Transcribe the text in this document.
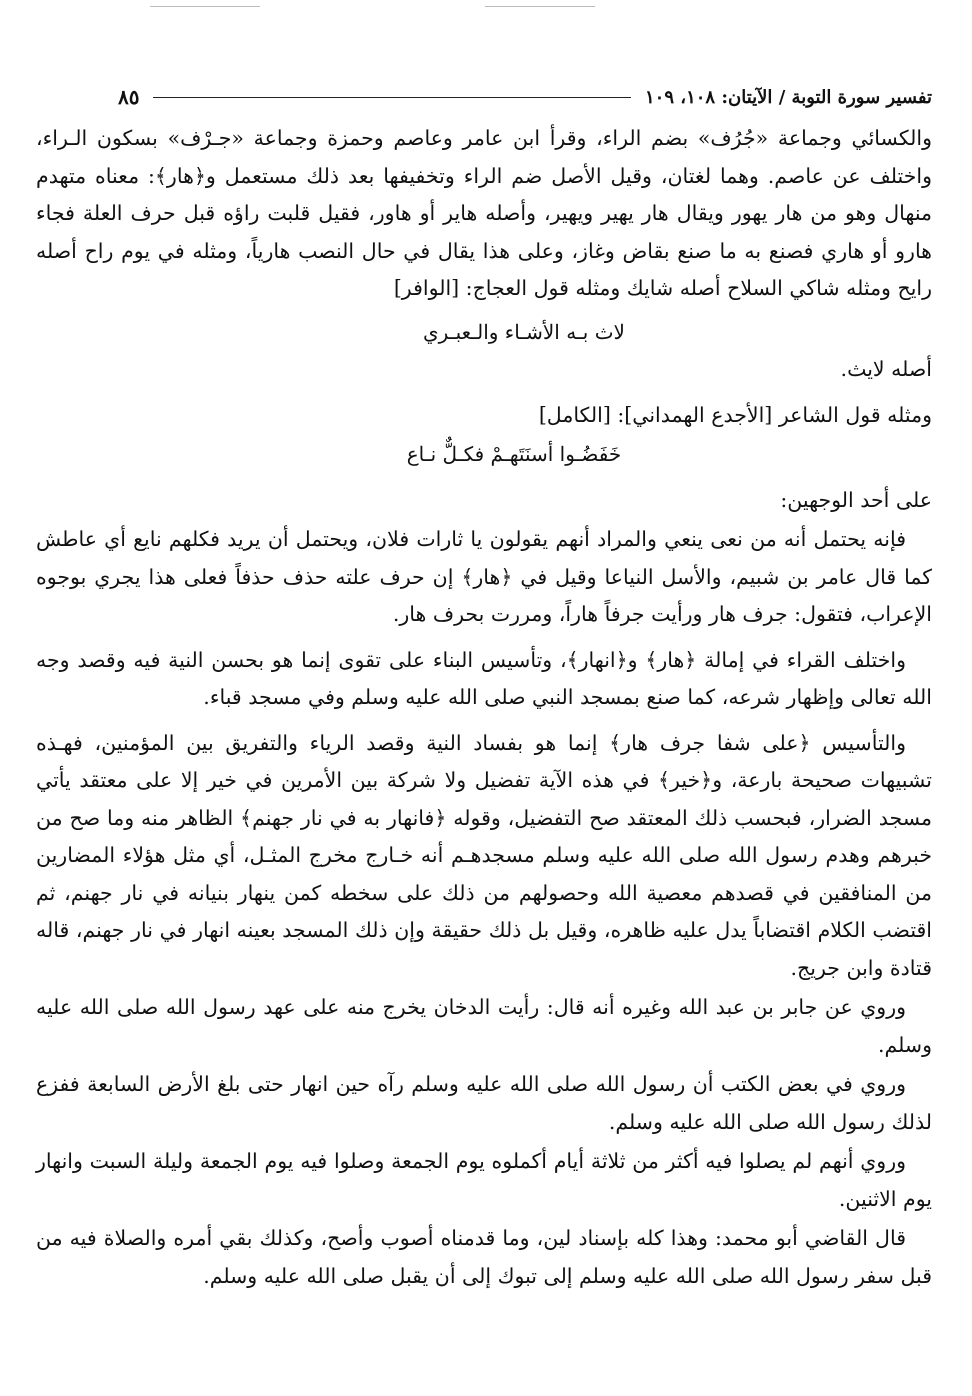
تفسير سورة التوبة / الآيتان: ١٠٨، ١٠٩
٨٥

والكسائي وجماعة «جُرُف» بضم الراء، وقرأ ابن عامر وعاصم وحمزة وجماعة «جـرْف» بسكون الـراء، واختلف عن عاصم. وهما لغتان، وقيل الأصل ضم الراء وتخفيفها بعد ذلك مستعمل و﴿هار﴾: معناه متهدم منهال وهو من هار يهور ويقال هار يهير ويهير، وأصله هاير أو هاور، فقيل قلبت راؤه قبل حرف العلة فجاء هارو أو هاري فصنع به ما صنع بقاض وغاز، وعلى هذا يقال في حال النصب هارياً، ومثله في يوم راح أصله رايح ومثله شاكي السلاح أصله شايك ومثله قول العجاج: [الوافر]

لاث بـه الأشـاء والـعبـري

أصله لايث.

ومثله قول الشاعر [الأجدع الهمداني]: [الكامل]

خَفَضُـوا أسنَتَهـمْ فكـلٌّ نـاع

على أحد الوجهين:

فإنه يحتمل أنه من نعى ينعي والمراد أنهم يقولون يا ثارات فلان، ويحتمل أن يريد فكلهم نايع أي عاطش كما قال عامر بن شبيم، والأسل النياعا وقيل في ﴿هار﴾ إن حرف علته حذف حذفاً فعلى هذا يجري بوجوه الإعراب، فتقول: جرف هار ورأيت جرفاً هاراً، ومررت بحرف هار.

واختلف القراء في إمالة ﴿هار﴾ و﴿انهار﴾، وتأسيس البناء على تقوى إنما هو بحسن النية فيه وقصد وجه الله تعالى وإظهار شرعه، كما صنع بمسجد النبي صلى الله عليه وسلم وفي مسجد قباء.

والتأسيس ﴿على شفا جرف هار﴾ إنما هو بفساد النية وقصد الرياء والتفريق بين المؤمنين، فهـذه تشبيهات صحيحة بارعة، و﴿خير﴾ في هذه الآية تفضيل ولا شركة بين الأمرين في خير إلا على معتقد يأتي مسجد الضرار، فبحسب ذلك المعتقد صح التفضيل، وقوله ﴿فانهار به في نار جهنم﴾ الظاهر منه وما صح من خبرهم وهدم رسول الله صلى الله عليه وسلم مسجدهـم أنه خـارج مخرج المثـل، أي مثل هؤلاء المضارين من المنافقين في قصدهم معصية الله وحصولهم من ذلك على سخطه كمن ينهار بنيانه في نار جهنم، ثم اقتضب الكلام اقتضاباً يدل عليه ظاهره، وقيل بل ذلك حقيقة وإن ذلك المسجد بعينه انهار في نار جهنم، قاله قتادة وابن جريج.

وروي عن جابر بن عبد الله وغيره أنه قال: رأيت الدخان يخرج منه على عهد رسول الله صلى الله عليه وسلم.

وروي في بعض الكتب أن رسول الله صلى الله عليه وسلم رآه حين انهار حتى بلغ الأرض السابعة ففزع لذلك رسول الله صلى الله عليه وسلم.

وروي أنهم لم يصلوا فيه أكثر من ثلاثة أيام أكملوه يوم الجمعة وصلوا فيه يوم الجمعة وليلة السبت وانهار يوم الاثنين.

قال القاضي أبو محمد: وهذا كله بإسناد لين، وما قدمناه أصوب وأصح، وكذلك بقي أمره والصلاة فيه من قبل سفر رسول الله صلى الله عليه وسلم إلى تبوك إلى أن يقبل صلى الله عليه وسلم.
